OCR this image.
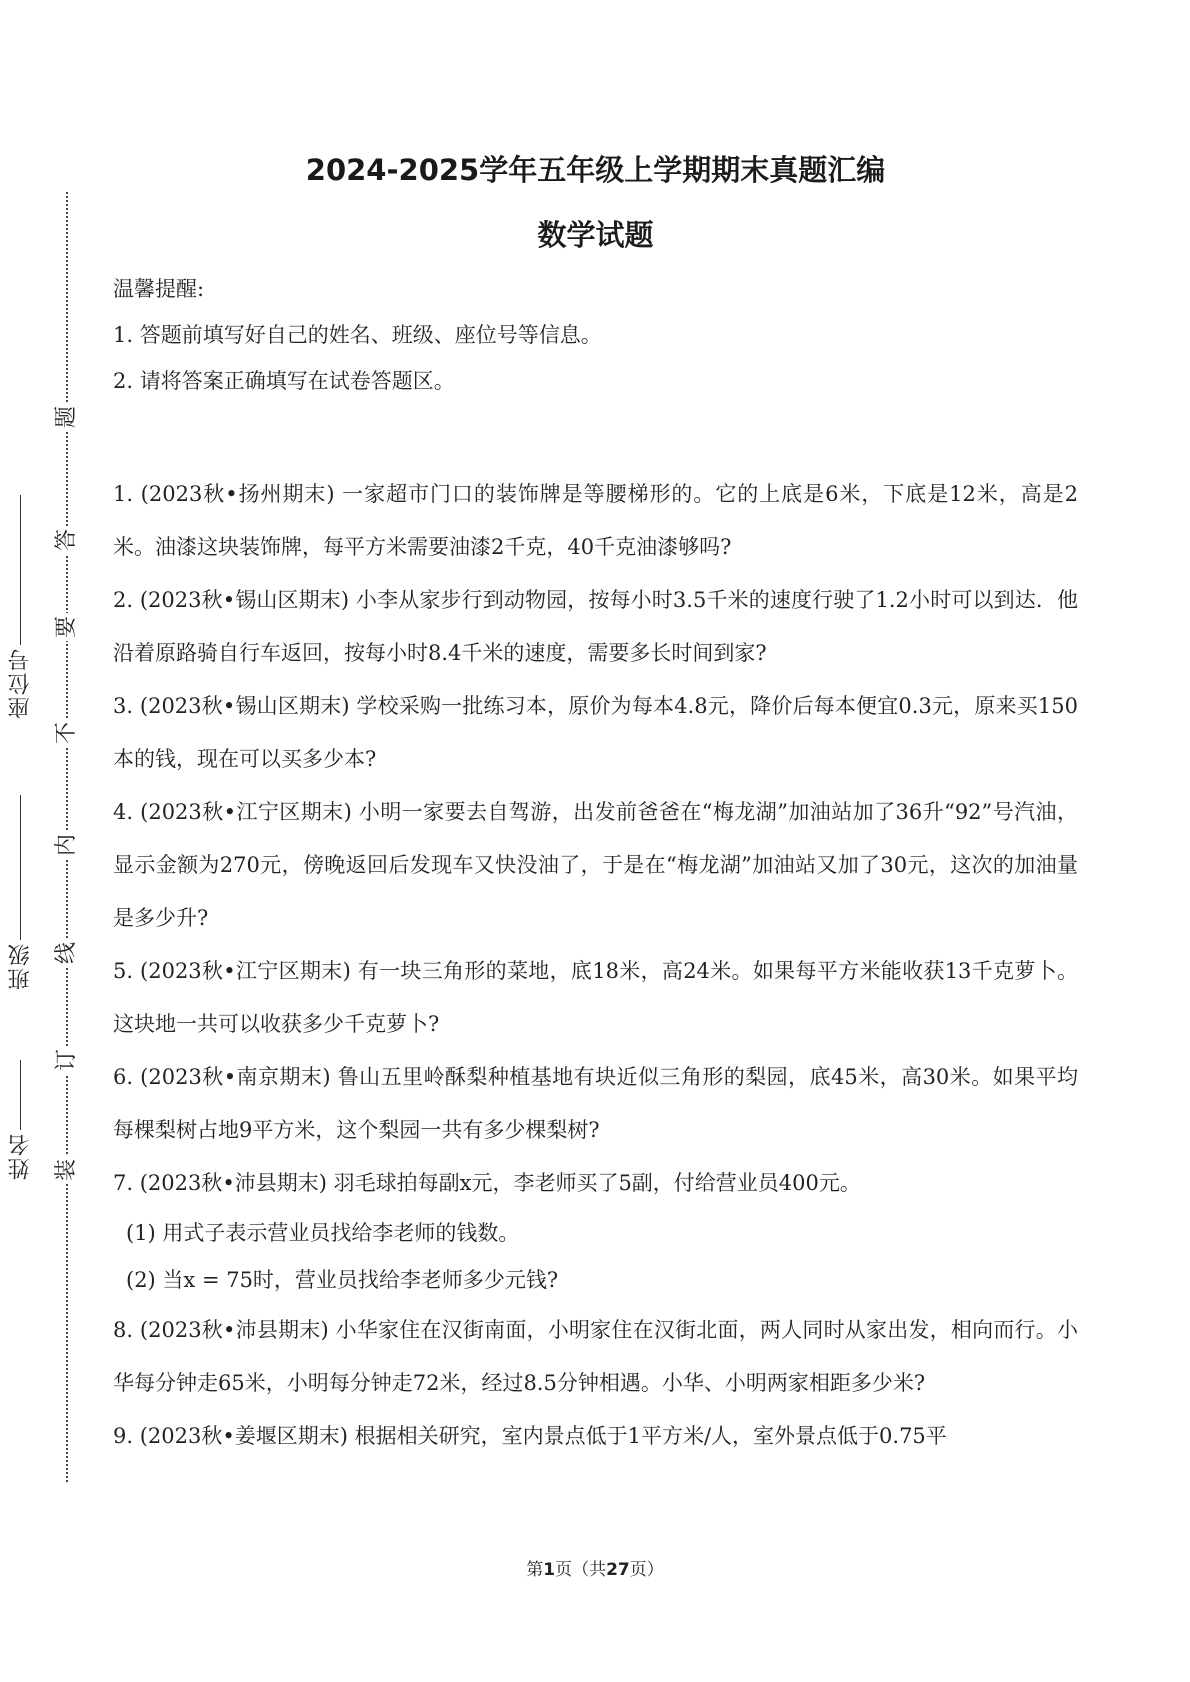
装
订
线
内
不
要
答
题
姓名
班级
座位号
2024-2025学年五年级上学期期末真题汇编
数学试题
温馨提醒:
1. 答题前填写好自己的姓名、班级、座位号等信息。
2. 请将答案正确填写在试卷答题区。
1. (2023秋•扬州期末) 一家超市门口的装饰牌是等腰梯形的。它的上底是6米，下底是12米，高是2米。油漆这块装饰牌，每平方米需要油漆2千克，40千克油漆够吗?
2. (2023秋•锡山区期末) 小李从家步行到动物园，按每小时3.5千米的速度行驶了1.2小时可以到达．他沿着原路骑自行车返回，按每小时8.4千米的速度，需要多长时间到家?
3. (2023秋•锡山区期末) 学校采购一批练习本，原价为每本4.8元，降价后每本便宜0.3元，原来买150本的钱，现在可以买多少本?
4. (2023秋•江宁区期末) 小明一家要去自驾游，出发前爸爸在“梅龙湖”加油站加了36升“92”号汽油，显示金额为270元，傍晚返回后发现车又快没油了，于是在“梅龙湖”加油站又加了30元，这次的加油量是多少升?
5. (2023秋•江宁区期末) 有一块三角形的菜地，底18米，高24米。如果每平方米能收获13千克萝卜。这块地一共可以收获多少千克萝卜?
6. (2023秋•南京期末) 鲁山五里岭酥梨种植基地有块近似三角形的梨园，底45米，高30米。如果平均每棵梨树占地9平方米，这个梨园一共有多少棵梨树?
7. (2023秋•沛县期末) 羽毛球拍每副x元，李老师买了5副，付给营业员400元。
(1) 用式子表示营业员找给李老师的钱数。
(2) 当x = 75时，营业员找给李老师多少元钱?
8. (2023秋•沛县期末) 小华家住在汉街南面，小明家住在汉街北面，两人同时从家出发，相向而行。小华每分钟走65米，小明每分钟走72米，经过8.5分钟相遇。小华、小明两家相距多少米?
9. (2023秋•姜堰区期末) 根据相关研究，室内景点低于1平方米/人，室外景点低于0.75平
第1页（共27页）
